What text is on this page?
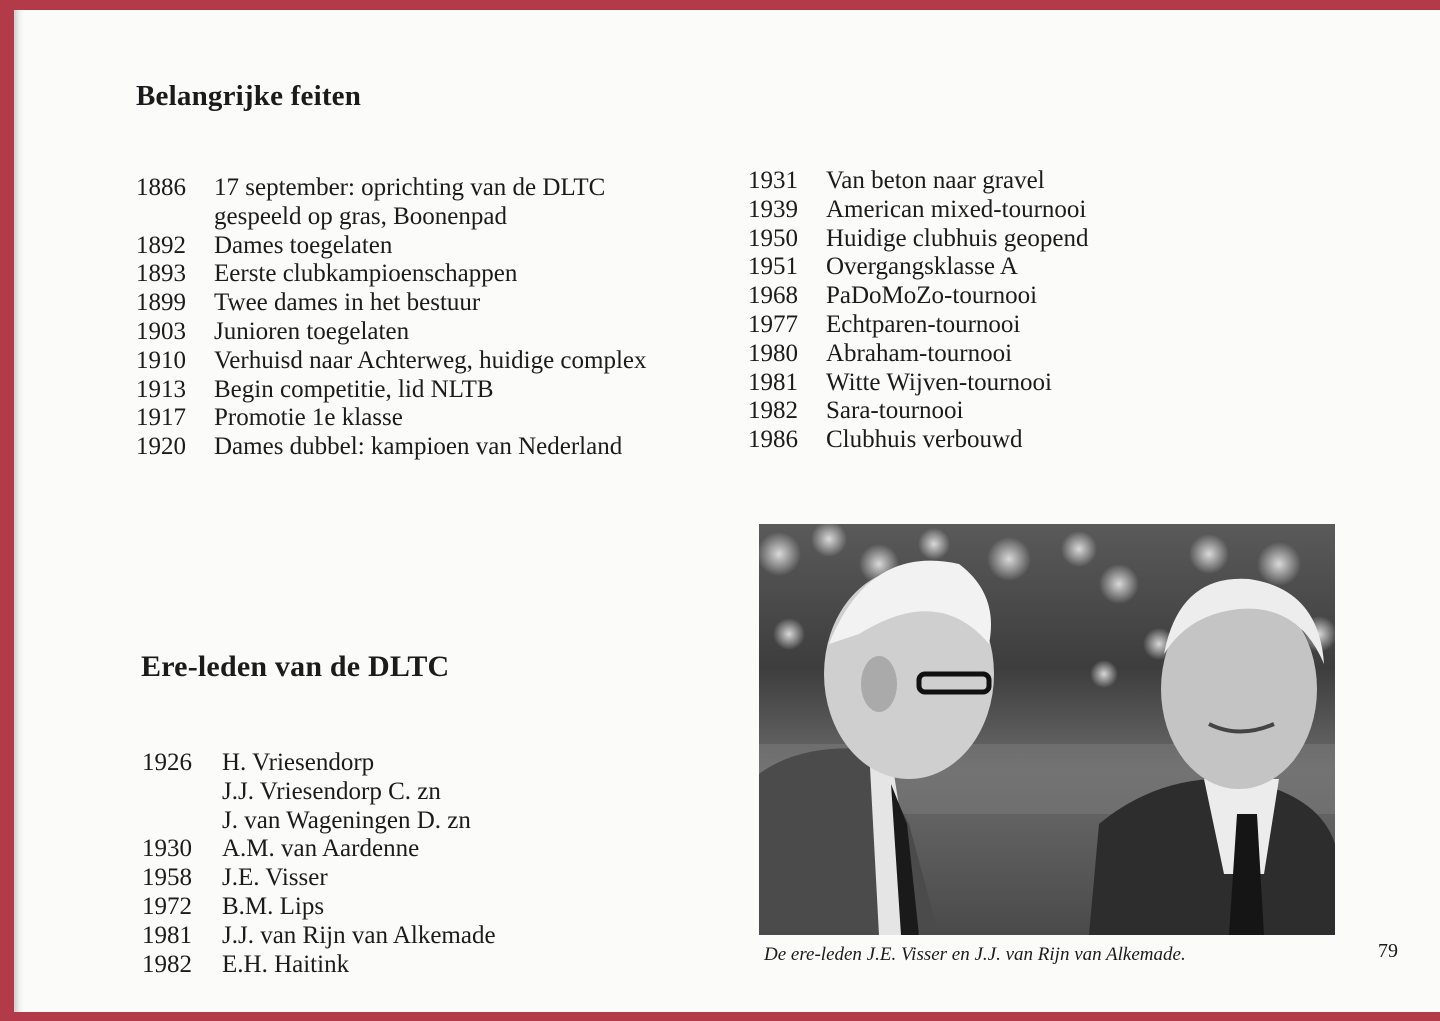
Belangrijke feiten
1886	17 september: oprichting van de DLTC
gespeeld op gras, Boonenpad
1892	Dames toegelaten
1893	Eerste clubkampioenschappen
1899	Twee dames in het bestuur
1903	Junioren toegelaten
1910	Verhuisd naar Achterweg, huidige complex
1913	Begin competitie, lid NLTB
1917	Promotie 1e klasse
1920	Dames dubbel: kampioen van Nederland
1931	Van beton naar gravel
1939	American mixed-tournooi
1950	Huidige clubhuis geopend
1951	Overgangsklasse A
1968	PaDoMoZo-tournooi
1977	Echtparen-tournooi
1980	Abraham-tournooi
1981	Witte Wijven-tournooi
1982	Sara-tournooi
1986	Clubhuis verbouwd
Ere-leden van de DLTC
1926	H. Vriesendorp
J.J. Vriesendorp C. zn
J. van Wageningen D. zn
1930	A.M. van Aardenne
1958	J.E. Visser
1972	B.M. Lips
1981	J.J. van Rijn van Alkemade
1982	E.H. Haitink	De ere-leden J.E. Visser en J.J. van Rijn van Alkemade.	79
